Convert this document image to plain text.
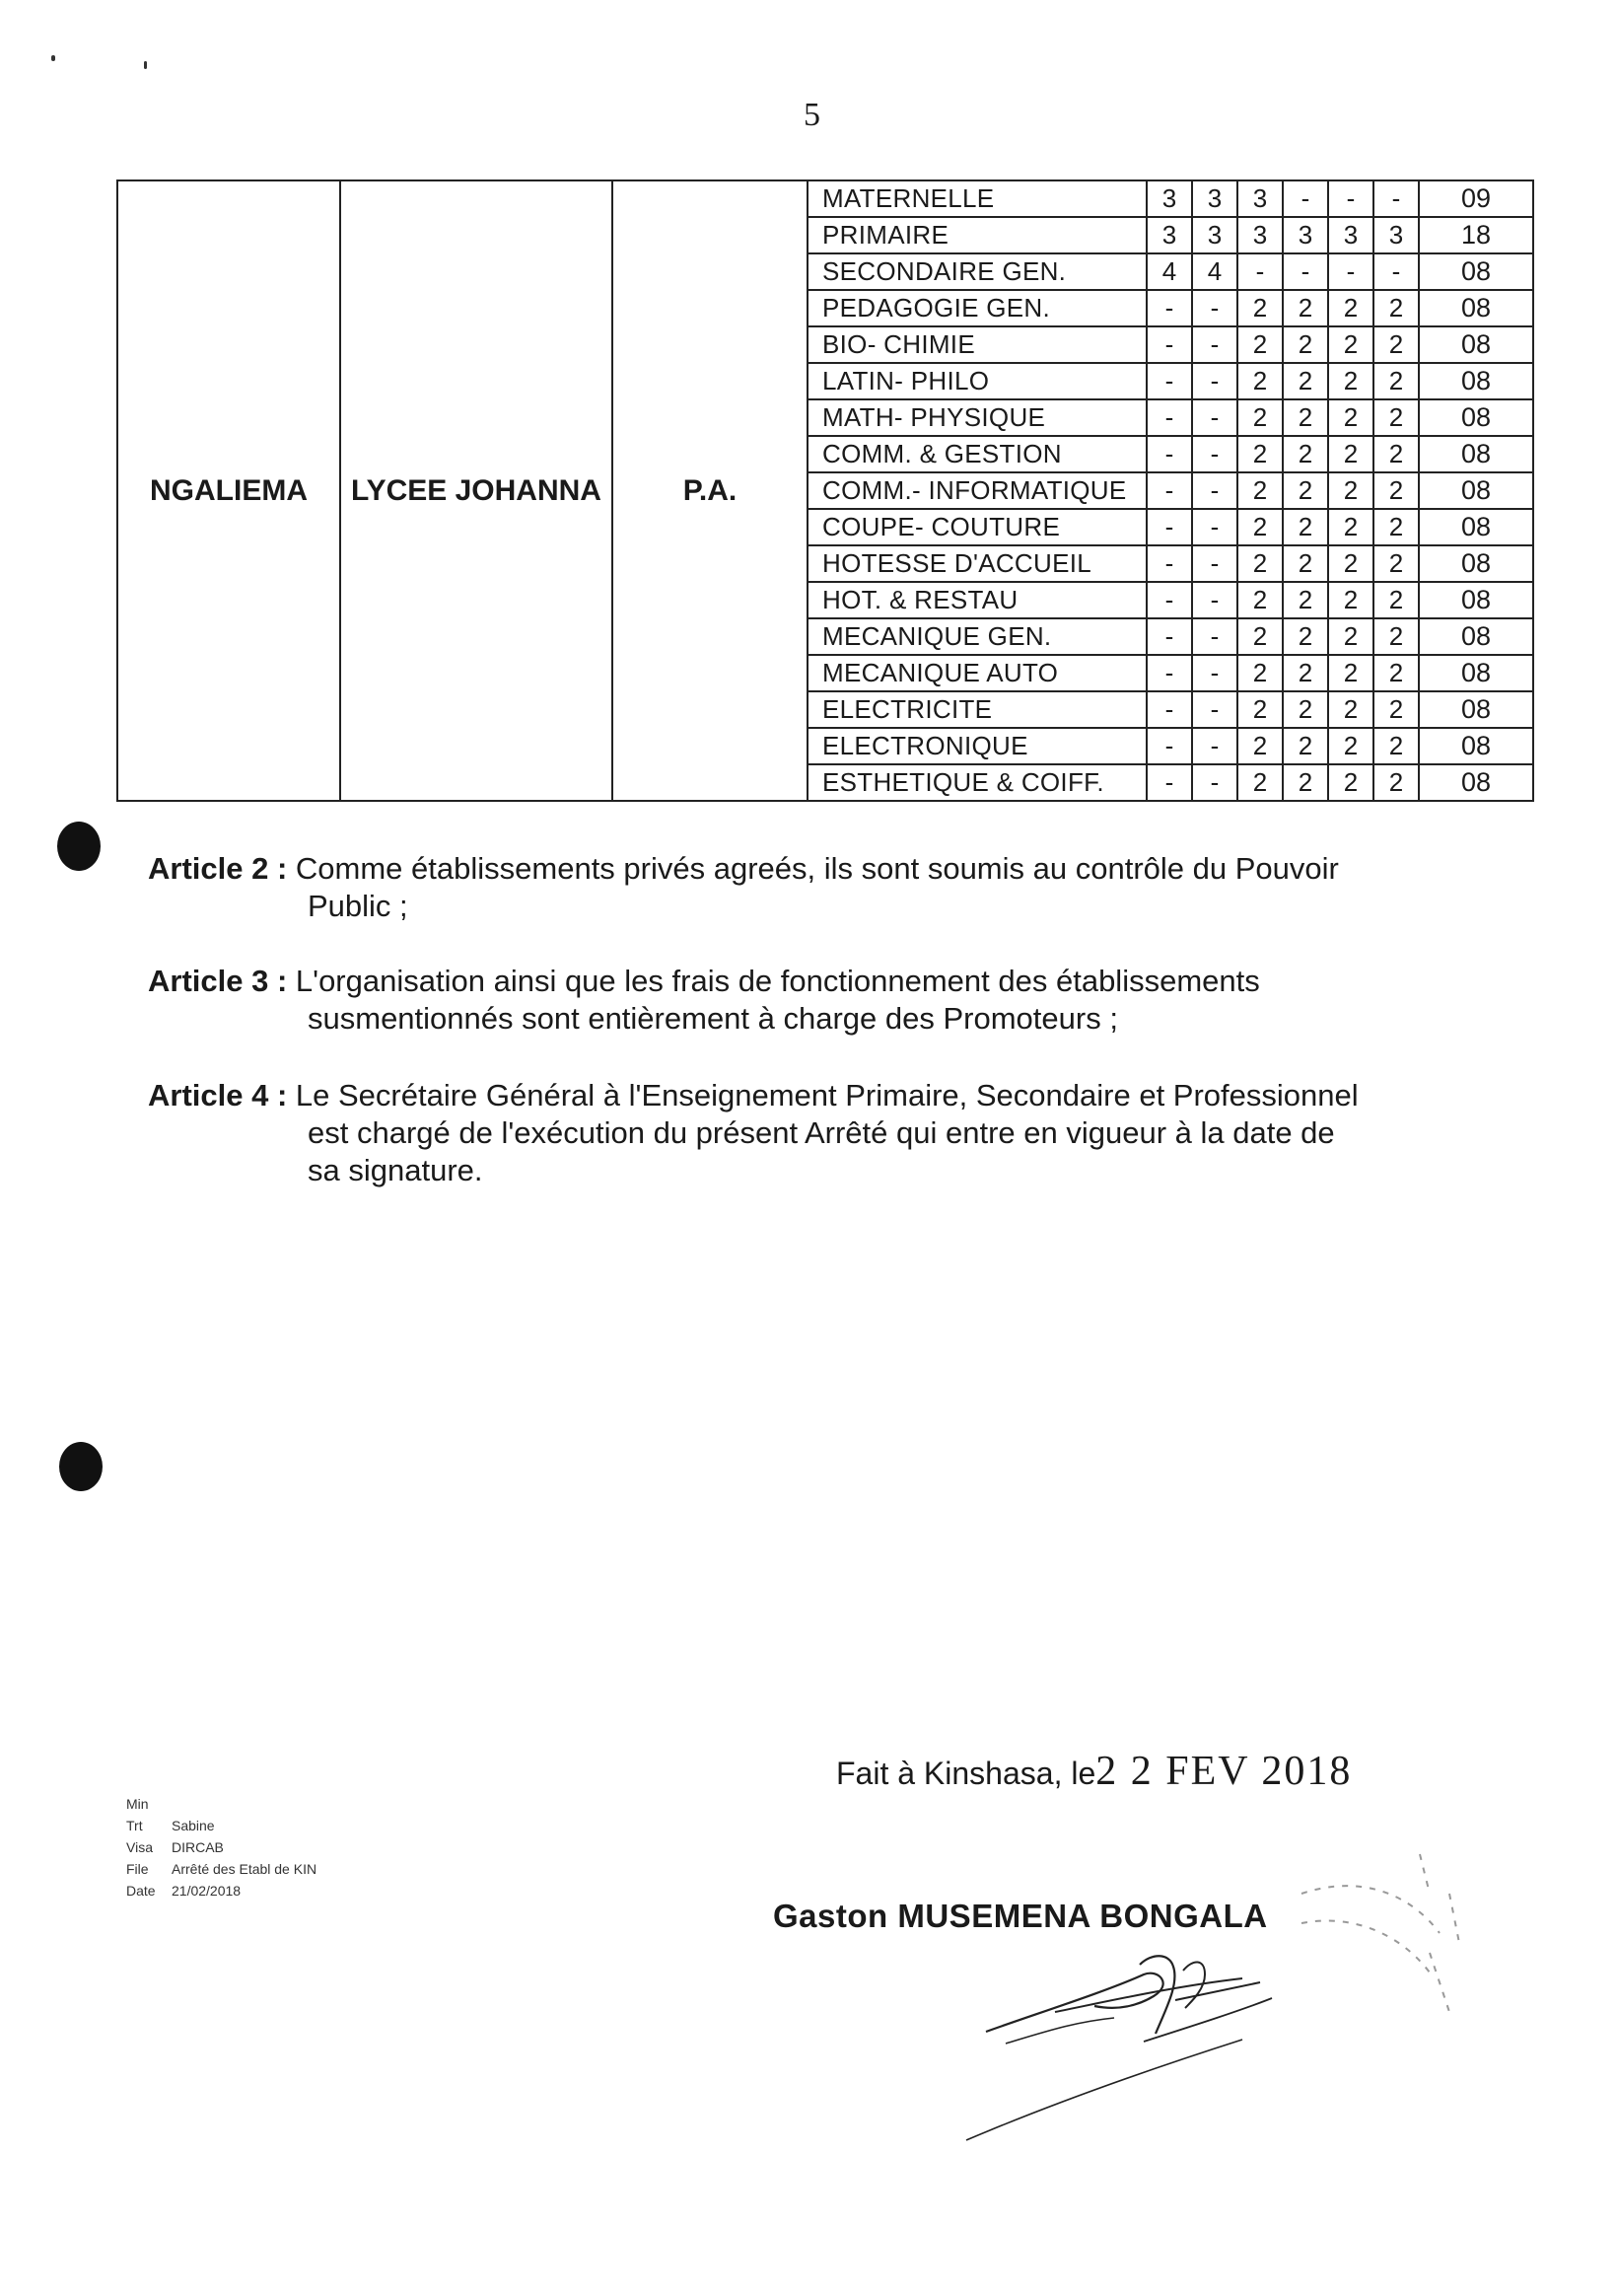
5
NGALIEMA	LYCEE JOHANNA	P.A.	MATERNELLE	3	3	3	-	-	-	09
			PRIMAIRE	3	3	3	3	3	3	18
			SECONDAIRE GEN.	4	4	-	-	-	-	08
			PEDAGOGIE GEN.	-	-	2	2	2	2	08
			BIO- CHIMIE	-	-	2	2	2	2	08
			LATIN- PHILO	-	-	2	2	2	2	08
			MATH- PHYSIQUE	-	-	2	2	2	2	08
			COMM. & GESTION	-	-	2	2	2	2	08
			COMM.- INFORMATIQUE	-	-	2	2	2	2	08
			COUPE- COUTURE	-	-	2	2	2	2	08
			HOTESSE D'ACCUEIL	-	-	2	2	2	2	08
			HOT. & RESTAU	-	-	2	2	2	2	08
			MECANIQUE GEN.	-	-	2	2	2	2	08
			MECANIQUE AUTO	-	-	2	2	2	2	08
			ELECTRICITE	-	-	2	2	2	2	08
			ELECTRONIQUE	-	-	2	2	2	2	08
			ESTHETIQUE & COIFF.	-	-	2	2	2	2	08
Article 2 : Comme établissements privés agreés, ils sont soumis au contrôle du Pouvoir
Public ;
Article 3 : L'organisation ainsi que les frais de fonctionnement des établissements
susmentionnés sont entièrement à charge des Promoteurs ;
Article 4 : Le Secrétaire Général à l'Enseignement Primaire, Secondaire et Professionnel
est chargé de l'exécution du présent Arrêté qui entre en vigueur à la date de sa signature.
Fait à Kinshasa, le2 2 FEV 2018
Min
Trt Sabine
Visa DIRCAB
File Arrêté des Etabl de KIN
Date 21/02/2018
Gaston MUSEMENA BONGALA
